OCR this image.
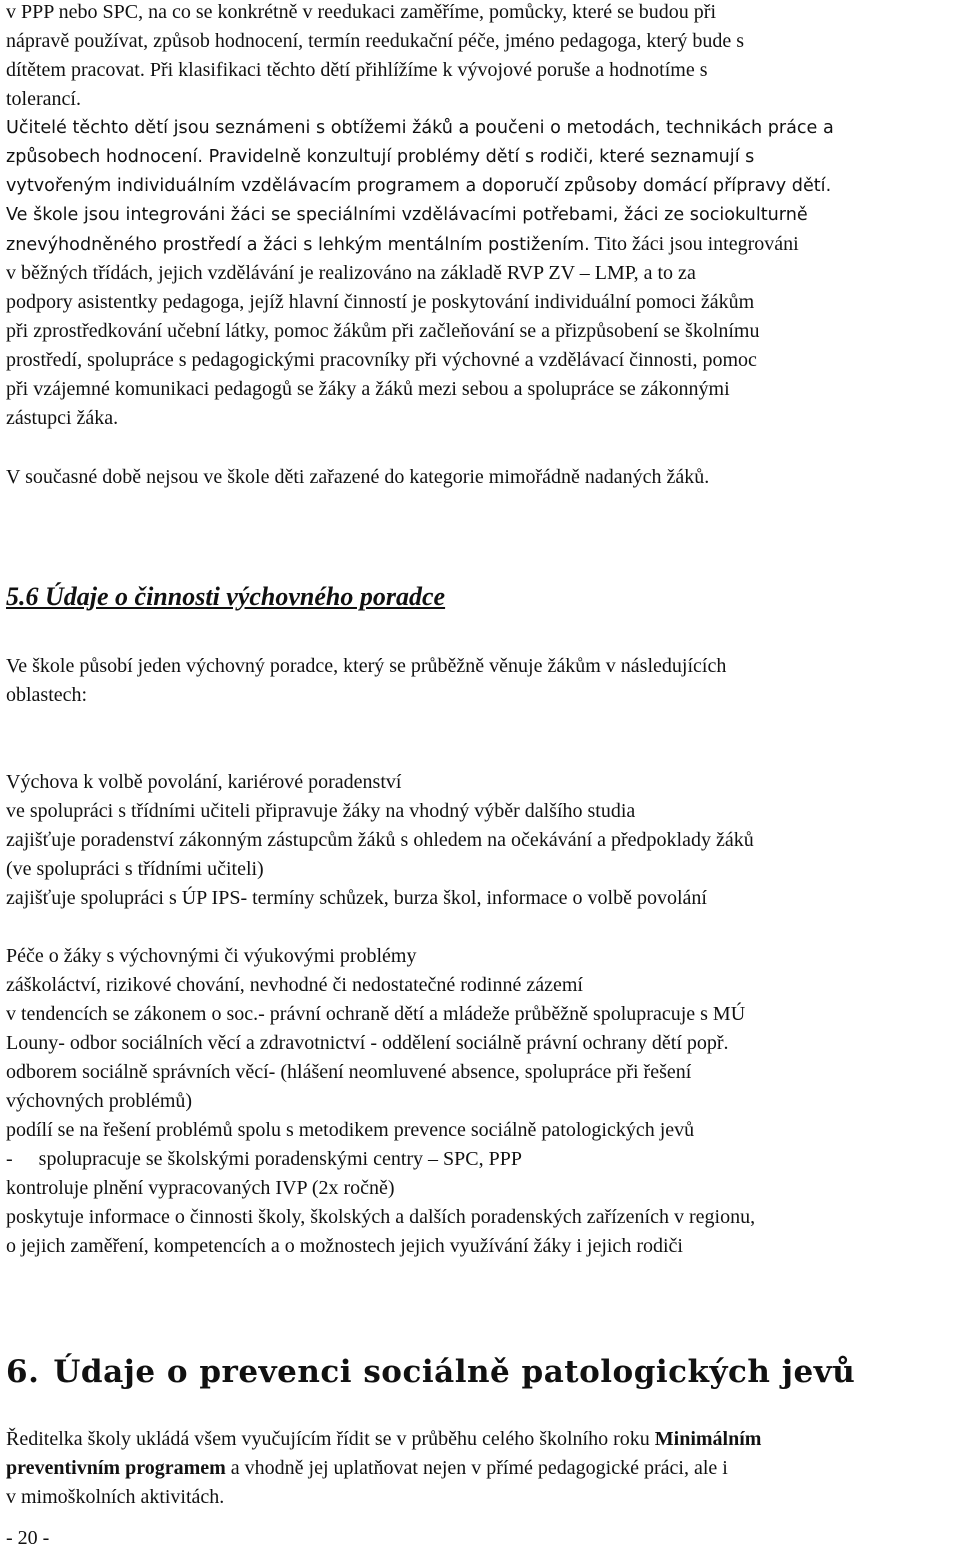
v PPP nebo SPC, na co se konkrétně v reedukaci zaměříme, pomůcky, které se budou při

nápravě používat, způsob hodnocení, termín reedukační péče, jméno pedagoga, který bude s

dítětem pracovat. Při klasifikaci těchto dětí přihlížíme k vývojové poruše a hodnotíme s

tolerancí.

Učitelé těchto dětí jsou seznámeni s obtížemi žáků a poučeni o metodách, technikách práce a

způsobech hodnocení. Pravidelně konzultují problémy dětí s rodiči, které seznamují s

vytvořeným individuálním vzdělávacím programem a doporučí způsoby domácí přípravy dětí.

Ve škole jsou integrováni žáci se speciálními vzdělávacími potřebami, žáci ze sociokulturně

znevýhodněného prostředí a žáci s lehkým mentálním postižením. Tito žáci jsou integrováni

v běžných třídách, jejich vzdělávání je realizováno na základě RVP ZV – LMP, a to za

podpory asistentky pedagoga, jejíž hlavní činností je poskytování individuální pomoci žákům

při zprostředkování učební látky, pomoc žákům při začleňování se a přizpůsobení se školnímu

prostředí, spolupráce s pedagogickými pracovníky při výchovné a vzdělávací činnosti, pomoc

při vzájemné komunikaci pedagogů se žáky a žáků mezi sebou a spolupráce se zákonnými

zástupci žáka.

V současné době nejsou ve škole děti zařazené do kategorie mimořádně nadaných žáků.

5.6 Údaje o činnosti výchovného poradce

Ve škole působí jeden výchovný poradce, který se průběžně věnuje žákům v následujících

oblastech:

Výchova k volbě povolání, kariérové poradenství

ve spolupráci s třídními učiteli připravuje žáky na vhodný výběr dalšího studia

zajišťuje poradenství zákonným zástupcům žáků s ohledem na očekávání a předpoklady žáků

(ve spolupráci s třídními učiteli)

zajišťuje spolupráci s ÚP IPS- termíny schůzek, burza škol, informace o volbě povolání

Péče o žáky s výchovnými či výukovými problémy

záškoláctví, rizikové chování, nevhodné či nedostatečné rodinné zázemí

v tendencích se zákonem o soc.- právní ochraně dětí a mládeže průběžně spolupracuje s MÚ

Louny- odbor sociálních věcí a zdravotnictví - oddělení sociálně právní ochrany dětí popř.

odborem sociálně správních věcí- (hlášení neomluvené absence, spolupráce při řešení

výchovných problémů)

podílí se na řešení problémů spolu s metodikem prevence sociálně patologických jevů

- spolupracuje se školskými poradenskými centry – SPC, PPP

kontroluje plnění vypracovaných IVP (2x ročně)

poskytuje informace o činnosti školy, školských a dalších poradenských zařízeních v regionu,

o jejich zaměření, kompetencích a o možnostech jejich využívání žáky i jejich rodiči

6. Údaje o prevenci sociálně patologických jevů

Ředitelka školy ukládá všem vyučujícím řídit se v průběhu celého školního roku Minimálním

preventivním programem a vhodně jej uplatňovat nejen v přímé pedagogické práci, ale i

v mimoškolních aktivitách.

- 20 -
